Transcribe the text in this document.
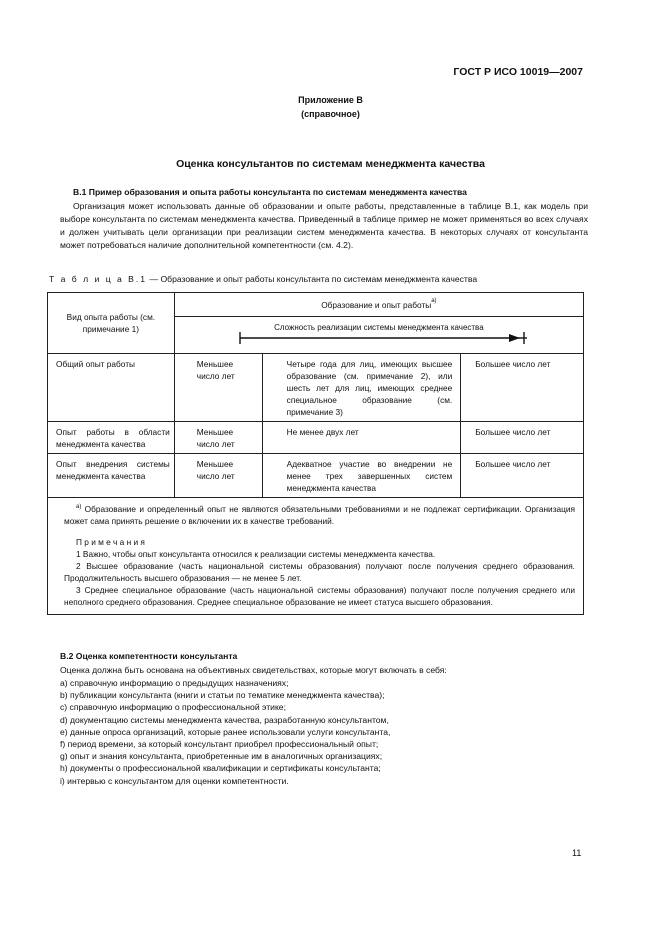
ГОСТ Р ИСО 10019—2007
Приложение В
(справочное)
Оценка консультантов по системам менеджмента качества
В.1 Пример образования и опыта работы консультанта по системам менеджмента качества
Организация может использовать данные об образовании и опыте работы, представленные в таблице В.1, как модель при выборе консультанта по системам менеджмента качества. Приведенный в таблице пример не может применяться во всех случаях и должен учитывать цели организации при реализации систем менеджмента качества. В некоторых случаях от консультанта может потребоваться наличие дополнительной компетентности (см. 4.2).
Т а б л и ц а В.1 — Образование и опыт работы консультанта по системам менеджмента качества
Вид опыта работы (см. примечание 1)	Образование и опыт работы$^{а)}$

	Сложность реализации системы менеджмента качества		

Общий опыт работы	Меньшее число лет	Четыре года для лиц, имеющих высшее образование (см. примечание 2), или шесть лет для лиц, имеющих среднее специальное образование (см. примечание 3)	Большее число лет

Опыт работы в области менеджмента качества	Меньшее число лет	Не менее двух лет	Большее число лет

Опыт внедрения системы менеджмента качества	Меньшее число лет	Адекватное участие во внедрении не менее трех завершенных систем менеджмента качества	Большее число лет

$^{а)}$ Образование и определенный опыт не являются обязательными требованиями и не подлежат сертификации. Организация может сама принять решение о включении их в качестве требований.
П р и м е ч а н и я
1 Важно, чтобы опыт консультанта относился к реализации системы менеджмента качества.
2 Высшее образование (часть национальной системы образования) получают после получения среднего образования. Продолжительность высшего образования — не менее 5 лет.
3 Среднее специальное образование (часть национальной системы образования) получают после получения среднего или неполного среднего образования. Среднее специальное образование не имеет статуса высшего образования.			
В.2 Оценка компетентности консультанта
Оценка должна быть основана на объективных свидетельствах, которые могут включать в себя:
а) справочную информацию о предыдущих назначениях;
b) публикации консультанта (книги и статьи по тематике менеджмента качества);
c) справочную информацию о профессиональной этике;
d) документацию системы менеджмента качества, разработанную консультантом,
е) данные опроса организаций, которые ранее использовали услуги консультанта,
f) период времени, за который консультант приобрел профессиональный опыт;
g) опыт и знания консультанта, приобретенные им в аналогичных организациях;
h) документы о профессиональной квалификации и сертификаты консультанта;
i) интервью с консультантом для оценки компетентности.
11
